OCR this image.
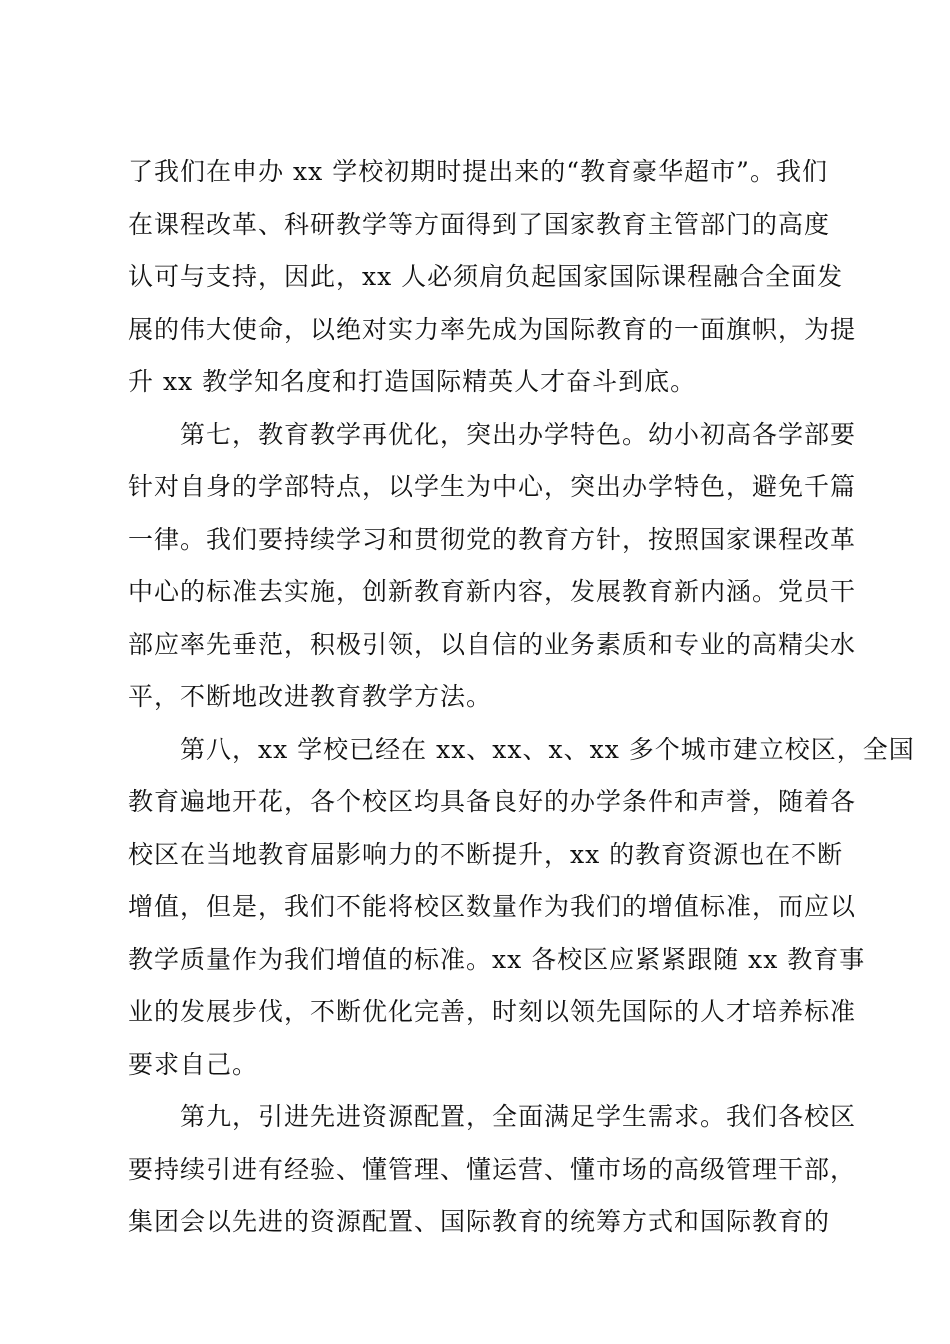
了我们在申办 xx 学校初期时提出来的“教育豪华超市”。我们
在课程改革、科研教学等方面得到了国家教育主管部门的高度
认可与支持，因此，xx 人必须肩负起国家国际课程融合全面发
展的伟大使命，以绝对实力率先成为国际教育的一面旗帜，为提
升 xx 教学知名度和打造国际精英人才奋斗到底。
第七，教育教学再优化，突出办学特色。幼小初高各学部要
针对自身的学部特点，以学生为中心，突出办学特色，避免千篇
一律。我们要持续学习和贯彻党的教育方针，按照国家课程改革
中心的标准去实施，创新教育新内容，发展教育新内涵。党员干
部应率先垂范，积极引领，以自信的业务素质和专业的高精尖水
平，不断地改进教育教学方法。
第八，xx 学校已经在 xx、xx、x、xx 多个城市建立校区，全国
教育遍地开花，各个校区均具备良好的办学条件和声誉，随着各
校区在当地教育届影响力的不断提升，xx 的教育资源也在不断
增值，但是，我们不能将校区数量作为我们的增值标准，而应以
教学质量作为我们增值的标准。xx 各校区应紧紧跟随 xx 教育事
业的发展步伐，不断优化完善，时刻以领先国际的人才培养标准
要求自己。
第九，引进先进资源配置，全面满足学生需求。我们各校区
要持续引进有经验、懂管理、懂运营、懂市场的高级管理干部，
集团会以先进的资源配置、国际教育的统筹方式和国际教育的
